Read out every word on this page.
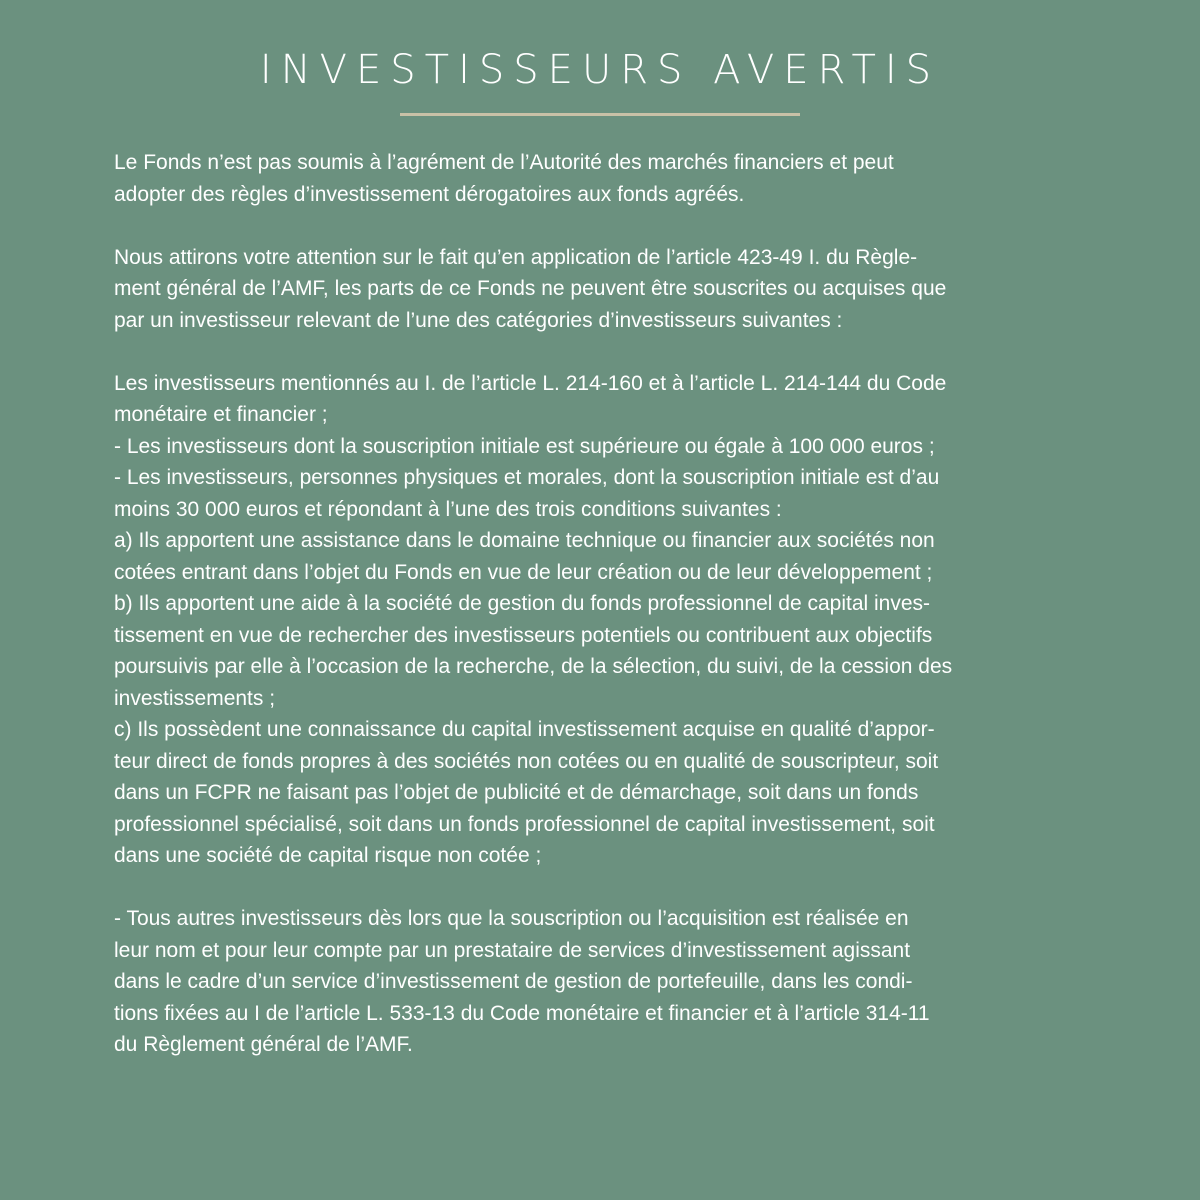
INVESTISSEURS AVERTIS
Le Fonds n’est pas soumis à l’agrément de l’Autorité des marchés financiers et peut
adopter des règles d’investissement dérogatoires aux fonds agréés.
Nous attirons votre attention sur le fait qu’en application de l’article 423-49 I. du Règle-
ment général de l’AMF, les parts de ce Fonds ne peuvent être souscrites ou acquises que
par un investisseur relevant de l’une des catégories d’investisseurs suivantes :
Les investisseurs mentionnés au I. de l’article L. 214-160 et à l’article L. 214-144 du Code
monétaire et financier ;
- Les investisseurs dont la souscription initiale est supérieure ou égale à 100 000 euros ;
- Les investisseurs, personnes physiques et morales, dont la souscription initiale est d’au
moins 30 000 euros et répondant à l’une des trois conditions suivantes :
a) Ils apportent une assistance dans le domaine technique ou financier aux sociétés non
cotées entrant dans l’objet du Fonds en vue de leur création ou de leur développement ;
b) Ils apportent une aide à la société de gestion du fonds professionnel de capital inves-
tissement en vue de rechercher des investisseurs potentiels ou contribuent aux objectifs
poursuivis par elle à l’occasion de la recherche, de la sélection, du suivi, de la cession des
investissements ;
c) Ils possèdent une connaissance du capital investissement acquise en qualité d’appor-
teur direct de fonds propres à des sociétés non cotées ou en qualité de souscripteur, soit
dans un FCPR ne faisant pas l’objet de publicité et de démarchage, soit dans un fonds
professionnel spécialisé, soit dans un fonds professionnel de capital investissement, soit
dans une société de capital risque non cotée ;
- Tous autres investisseurs dès lors que la souscription ou l’acquisition est réalisée en
leur nom et pour leur compte par un prestataire de services d’investissement agissant
dans le cadre d’un service d’investissement de gestion de portefeuille, dans les condi-
tions fixées au I de l’article L. 533-13 du Code monétaire et financier et à l’article 314-11
du Règlement général de l’AMF.
